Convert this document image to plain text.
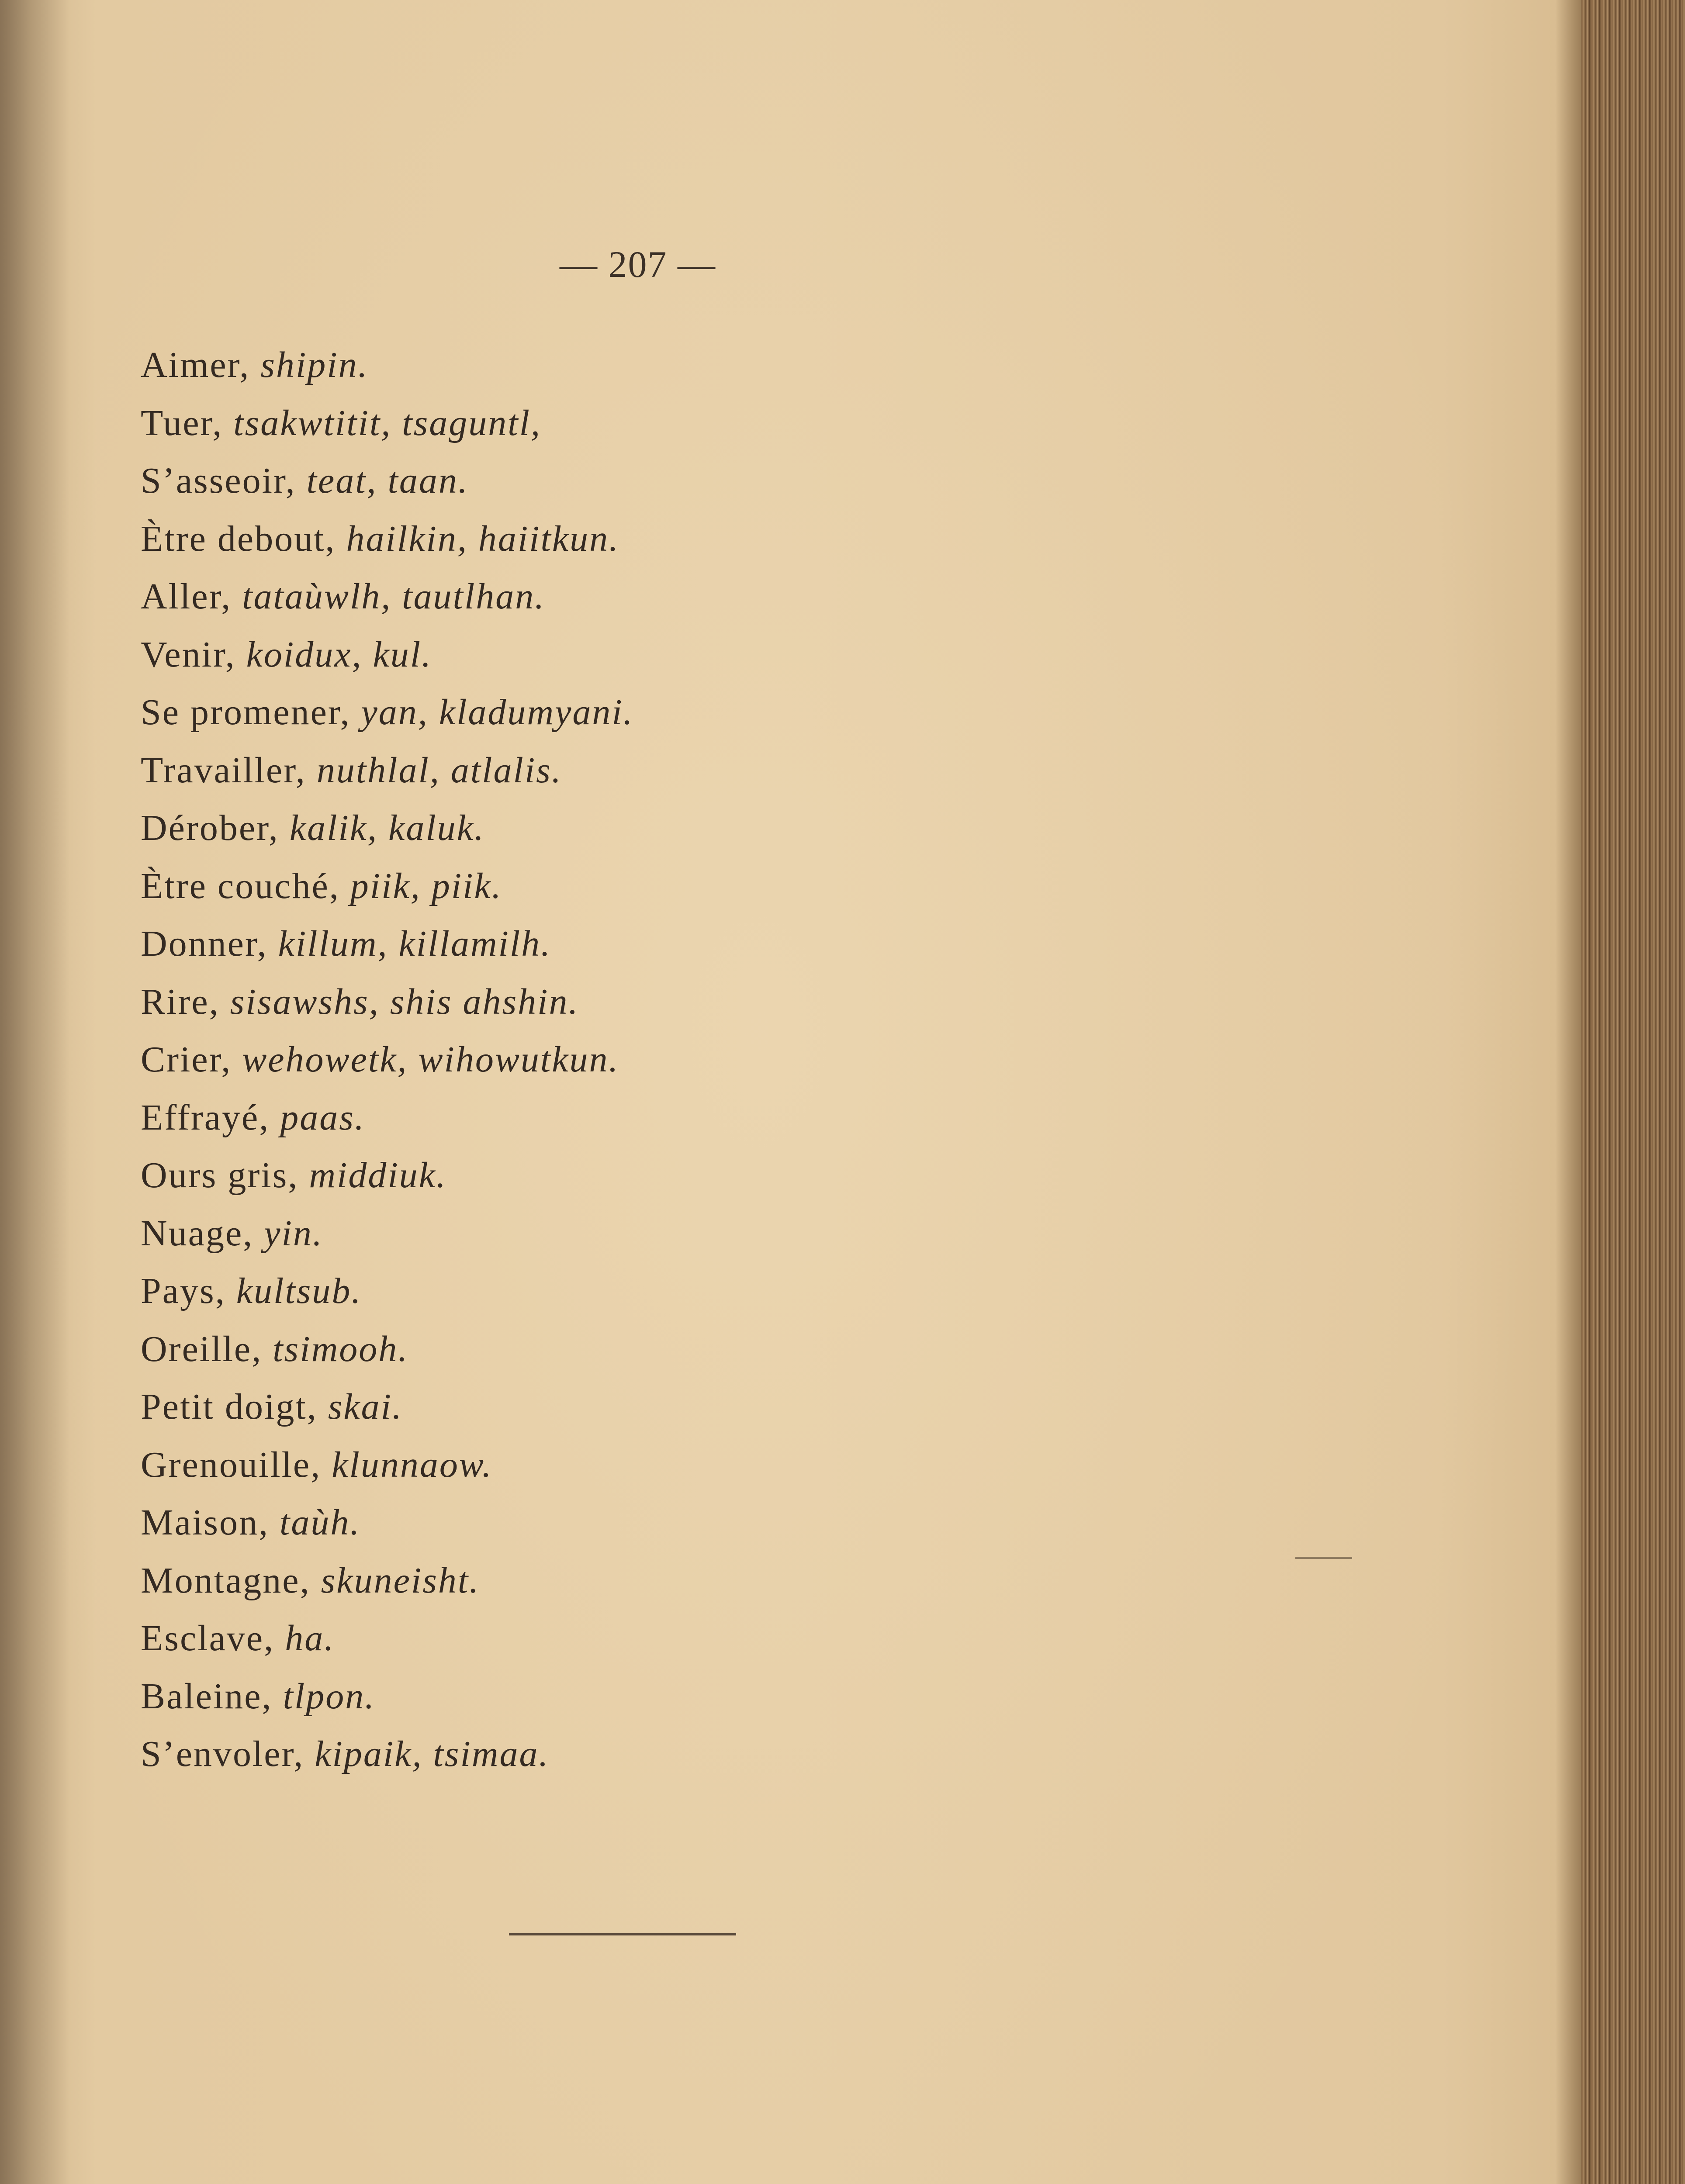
— 207 —
Aimer, shipin.
Tuer, tsakwtitit, tsaguntl,
S’asseoir, teat, taan.
Ètre debout, hailkin, haiitkun.
Aller, tataùwlh, tautlhan.
Venir, koidux, kul.
Se promener, yan, kladumyani.
Travailler, nuthlal, atlalis.
Dérober, kalik, kaluk.
Ètre couché, piik, piik.
Donner, killum, killamilh.
Rire, sisawshs, shis ahshin.
Crier, wehowetk, wihowutkun.
Effrayé, paas.
Ours gris, middiuk.
Nuage, yin.
Pays, kultsub.
Oreille, tsimooh.
Petit doigt, skai.
Grenouille, klunnaow.
Maison, taùh.
Montagne, skuneisht.
Esclave, ha.
Baleine, tlpon.
S’envoler, kipaik, tsimaa.
